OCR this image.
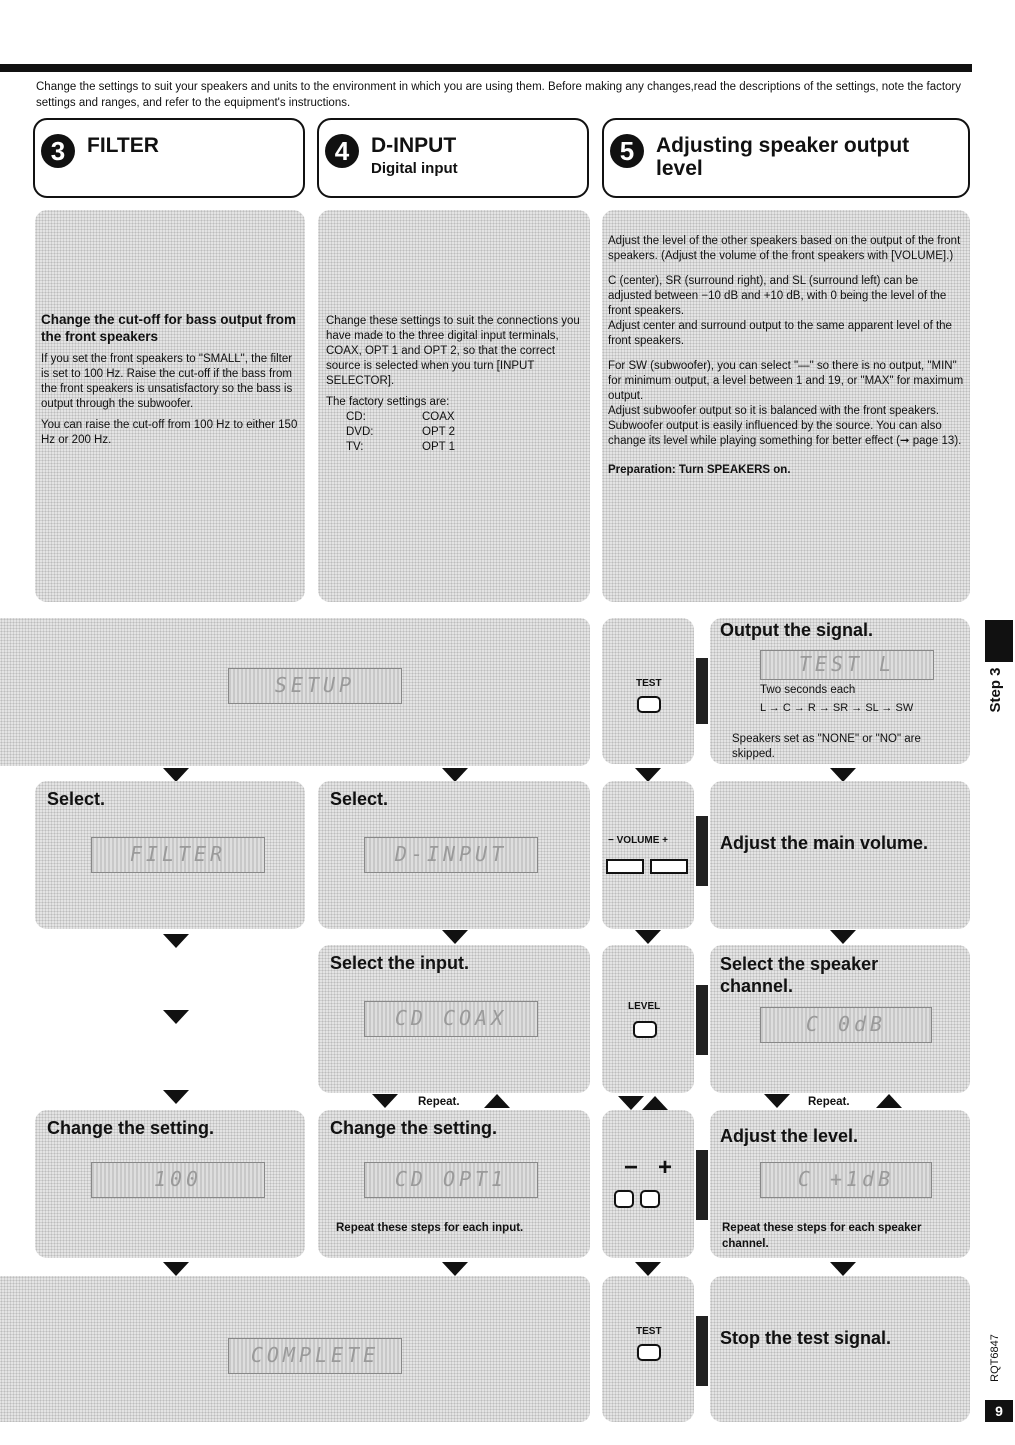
Change the settings to suit your speakers and units to the environment in which you are using them. Before making any changes,read the descriptions of the settings, note the factory settings and ranges, and refer to the equipment's instructions.
3	FILTER	4	D-INPUT
Digital input
5	Adjusting speaker output level

Change the cut-off for bass output from the front speakers

If you set the front speakers to "SMALL", the filter is set to 100 Hz. Raise the cut-off if the bass from the front speakers is unsatisfactory so the bass is output through the subwoofer.

You can raise the cut-off from 100 Hz to either 150 Hz or 200 Hz.

Change these settings to suit the connections you have made to the three digital input terminals, COAX, OPT 1 and OPT 2, so that the correct source is selected when you turn [INPUT SELECTOR].

The factory settings are:
CD:	COAX
DVD:	OPT 2
TV:	OPT 1

Adjust the level of the other speakers based on the output of the front speakers. (Adjust the volume of the front speakers with [VOLUME].)

C (center), SR (surround right), and SL (surround left) can be adjusted between −10 dB and +10 dB, with 0 being the level of the front speakers.

Adjust center and surround output to the same apparent level of the front speakers.

For SW (subwoofer), you can select "—" so there is no output, "MIN" for minimum output, a level between 1 and 19, or "MAX" for maximum output.

Adjust subwoofer output so it is balanced with the front speakers. Subwoofer output is easily influenced by the source. You can also change its level while playing something for better effect (➞ page 13).

Preparation: Turn SPEAKERS on.

SETUP
Select.
FILTER
Select.
D-INPUT
TEST
Output the signal.
TEST L
Two seconds each
L → C → R → SR → SL → SW
Speakers set as "NONE" or "NO" are skipped.
− VOLUME +	Adjust the main volume.
Select the input.
CD COAX	LEVEL
Select the speaker channel.
C 0dB
Repeat.	Repeat.
Change the setting.
100
Change the setting.
CD OPT1
Repeat these steps for each input.
− +
Adjust the level.
C +1dB
Repeat these steps for each speaker channel.
COMPLETE
TEST	Stop the test signal.
Step 3
RQT6847
9
